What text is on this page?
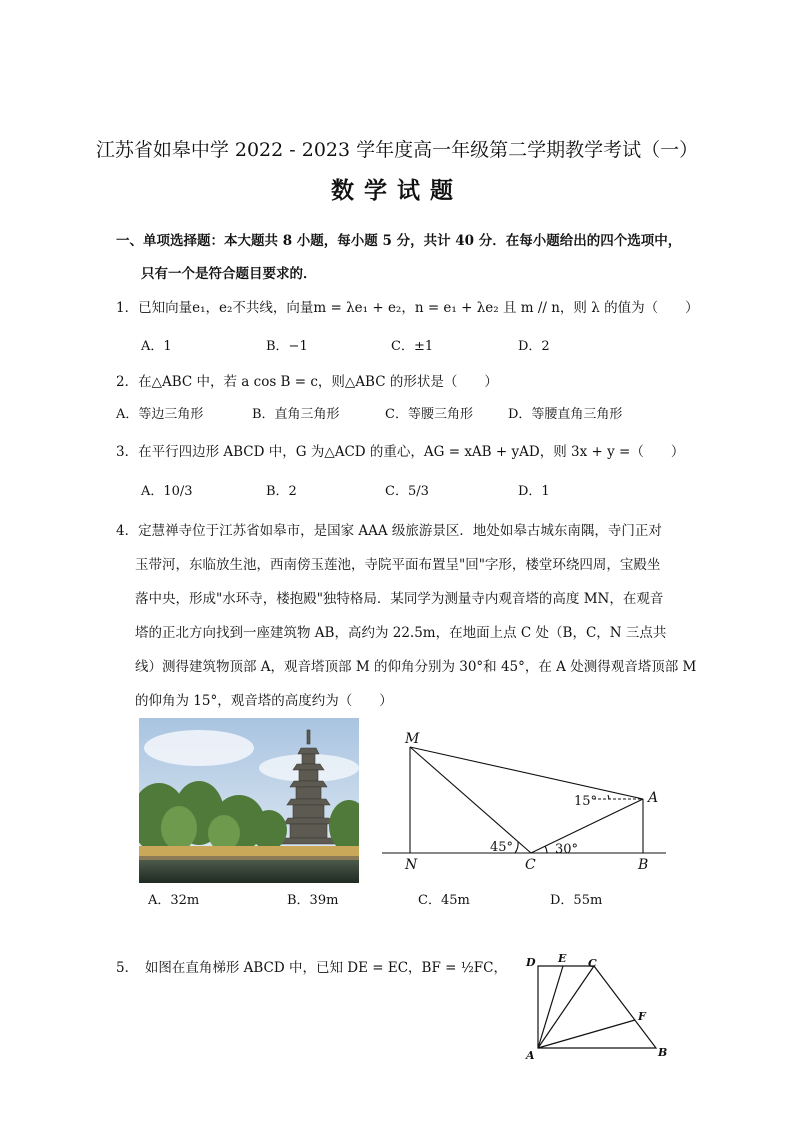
江苏省如皋中学 2022 - 2023 学年度高一年级第二学期教学考试（一）
数学试题
一、单项选择题：本大题共 8 小题，每小题 5 分，共计 40 分．在每小题给出的四个选项中，
只有一个是符合题目要求的．
1．已知向量e₁，e₂不共线，向量m = λe₁ + e₂，n = e₁ + λe₂ 且 m // n，则 λ 的值为（　　）
A．1	B．−1	C．±1	D．2
2．在△ABC 中，若 a cos B = c，则△ABC 的形状是（　　）
A．等边三角形	B．直角三角形	C．等腰三角形	D．等腰直角三角形
3．在平行四边形 ABCD 中，G 为△ACD 的重心，AG = xAB + yAD，则 3x + y =（　　）
A．10/3	B．2	C．5/3	D．1
4．定慧禅寺位于江苏省如皋市，是国家 AAA 级旅游景区．地处如皋古城东南隅，寺门正对
玉带河，东临放生池，西南傍玉莲池，寺院平面布置呈"回"字形，楼堂环绕四周，宝殿坐
落中央，形成"水环寺，楼抱殿"独特格局．某同学为测量寺内观音塔的高度 MN，在观音
塔的正北方向找到一座建筑物 AB，高约为 22.5m，在地面上点 C 处（B，C，N 三点共
线）测得建筑物顶部 A，观音塔顶部 M 的仰角分别为 30°和 45°，在 A 处测得观音塔顶部 M
的仰角为 15°，观音塔的高度约为（　　）
M
A
N	C	B
15°
45°	30°
A．32m	B．39m	C．45m	D．55m
5．　如图在直角梯形 ABCD 中，已知 DE = EC，BF = ½FC， D E C
F
A	B
